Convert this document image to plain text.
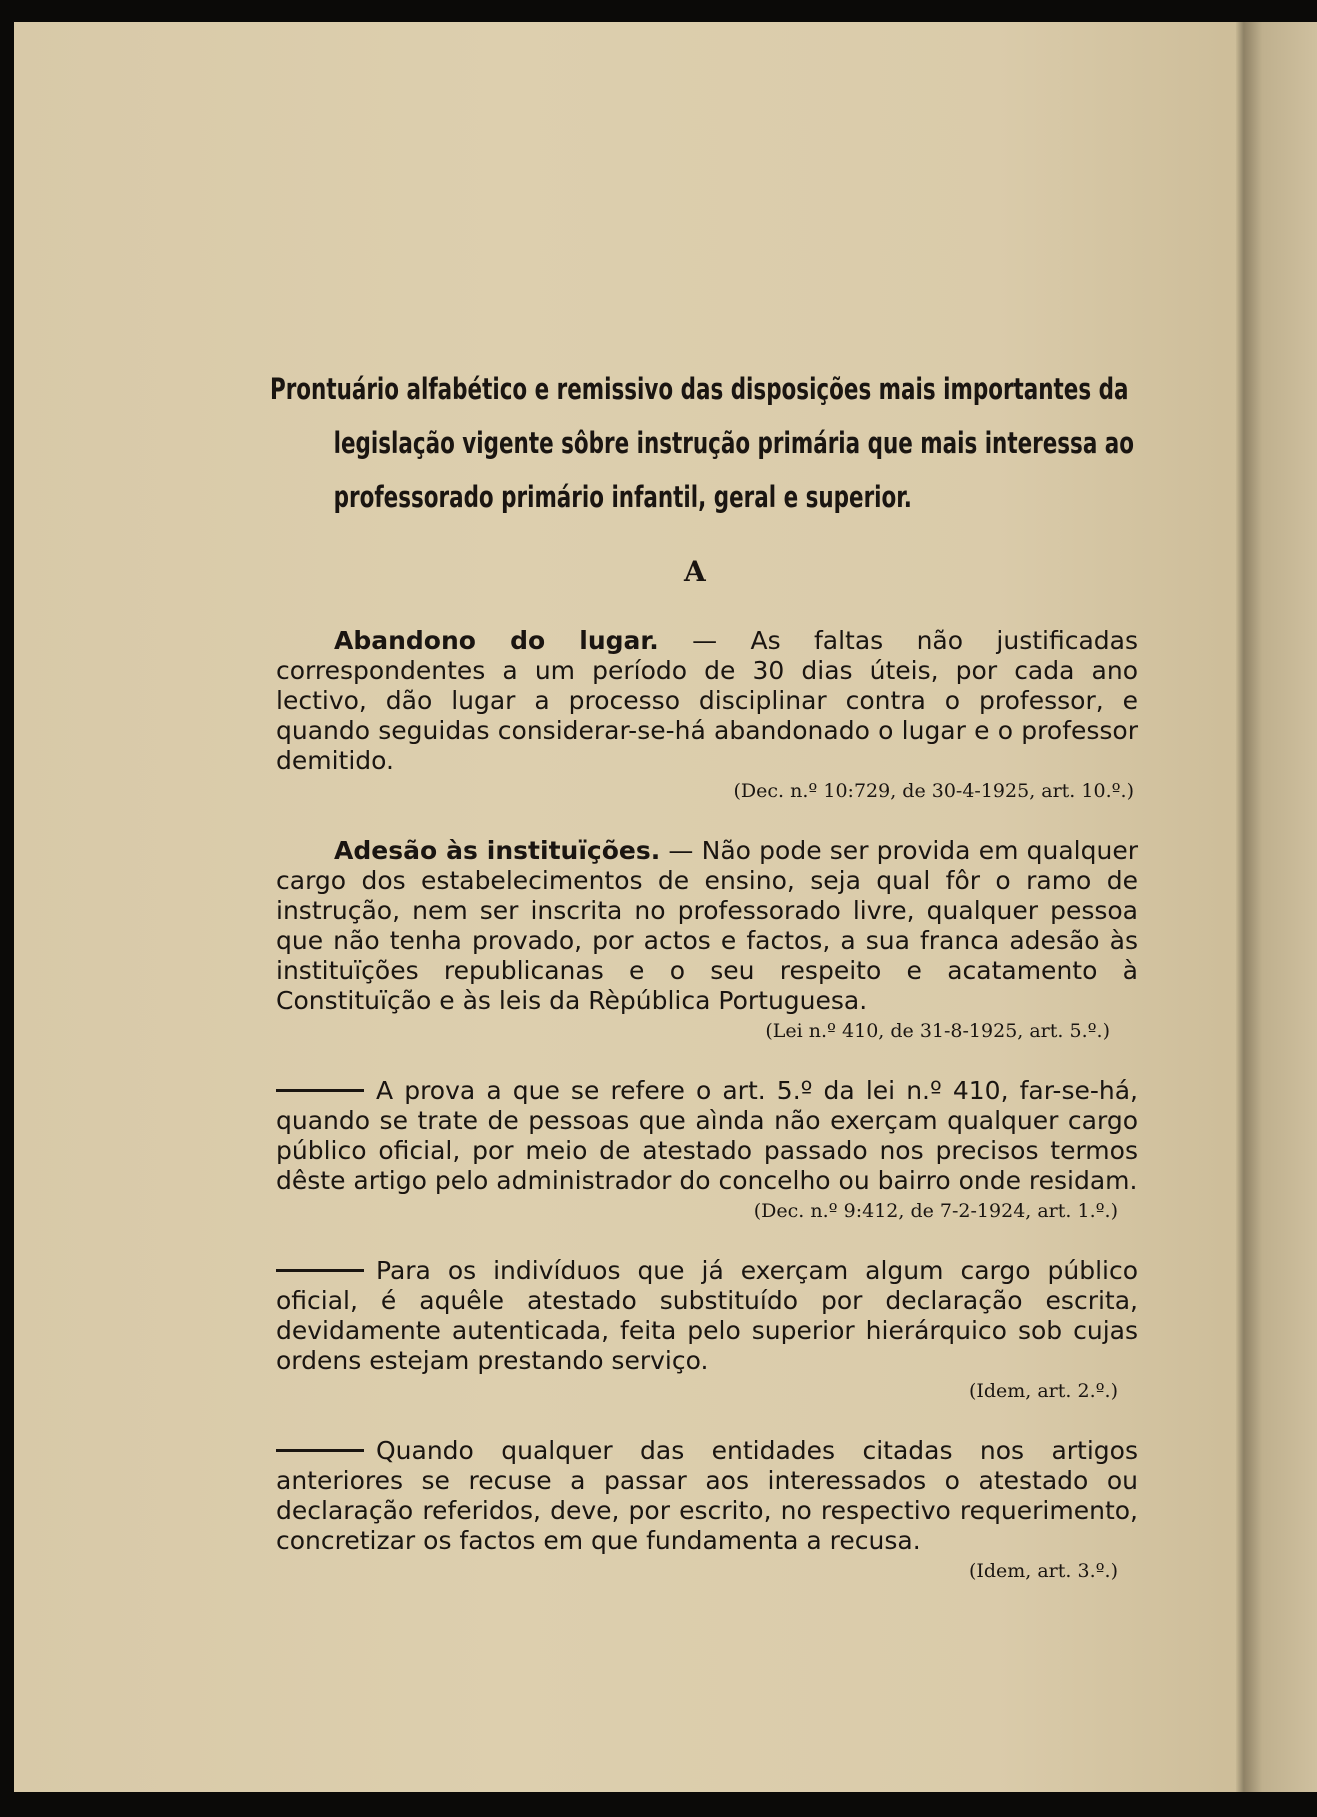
Prontuário alfabético e remissivo das disposições mais importantes da
legislação vigente sôbre instrução primária que mais interessa ao
professorado primário infantil, geral e superior.
A

Abandono do lugar. — As faltas não justificadas correspondentes a um período de 30 dias úteis, por cada ano lectivo, dão lugar a processo disciplinar contra o professor, e quando seguidas considerar-se-há abandonado o lugar e o professor demitido.

(Dec. n.º 10:729, de 30-4-1925, art. 10.º.)

Adesão às instituïções. — Não pode ser provida em qualquer cargo dos estabelecimentos de ensino, seja qual fôr o ramo de instrução, nem ser inscrita no professorado livre, qualquer pessoa que não tenha provado, por actos e factos, a sua franca adesão às instituïções republicanas e o seu respeito e acatamento à Constituïção e às leis da Rèpública Portuguesa.

(Lei n.º 410, de 31-8-1925, art. 5.º.)

A prova a que se refere o art. 5.º da lei n.º 410, far-se-há, quando se trate de pessoas que aìnda não exerçam qualquer cargo público oficial, por meio de atestado passado nos precisos termos dêste artigo pelo administrador do concelho ou bairro onde residam.

(Dec. n.º 9:412, de 7-2-1924, art. 1.º.)

Para os indivíduos que já exerçam algum cargo público oficial, é aquêle atestado substituído por declaração escrita, devidamente autenticada, feita pelo superior hierárquico sob cujas ordens estejam prestando serviço.

(Idem, art. 2.º.)

Quando qualquer das entidades citadas nos artigos anteriores se recuse a passar aos interessados o atestado ou declaração referidos, deve, por escrito, no respectivo requerimento, concretizar os factos em que fundamenta a recusa.

(Idem, art. 3.º.)
